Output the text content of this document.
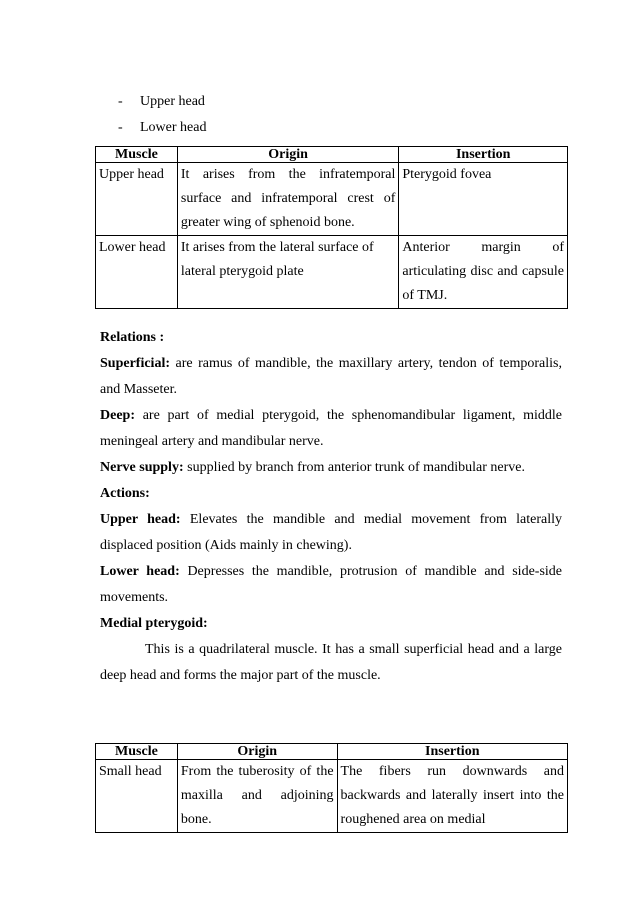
- Upper head
- Lower head
Muscle	Origin	Insertion
Upper head	It arises from the infratemporal surface and infratemporal crest of greater wing of sphenoid bone.	Pterygoid fovea
Lower head	It arises from the lateral surface of lateral pterygoid plate	Anterior margin of articulating disc and capsule of TMJ.
Relations :
Superficial: are ramus of mandible, the maxillary artery, tendon of temporalis, and Masseter.
Deep: are part of medial pterygoid, the sphenomandibular ligament, middle meningeal artery and mandibular nerve.
Nerve supply: supplied by branch from anterior trunk of mandibular nerve.
Actions:
Upper head: Elevates the mandible and medial movement from laterally displaced position (Aids mainly in chewing).
Lower head: Depresses the mandible, protrusion of mandible and side-side movements.
Medial pterygoid:
This is a quadrilateral muscle. It has a small superficial head and a large deep head and forms the major part of the muscle.
Muscle	Origin	Insertion
Small head	From the tuberosity of the maxilla and adjoining bone.	The fibers run downwards and backwards and laterally insert into the roughened area on medial
